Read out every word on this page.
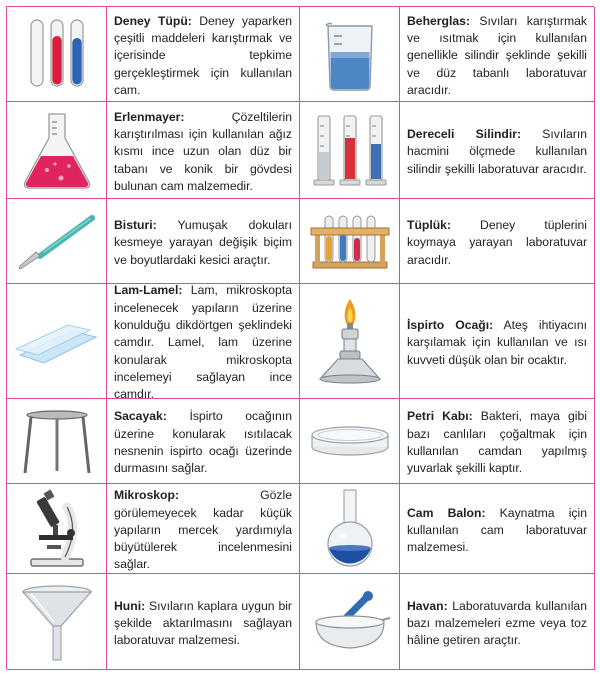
Deney Tüpü: Deney yaparken çeşitli maddeleri karıştırmak ve içerisinde tepkime gerçekleştirmek için kullanılan cam.

Beherglas: Sıvıları karıştırmak ve ısıtmak için kullanılan genellikle silindir şeklinde şekilli ve düz tabanlı laboratuvar aracıdır.

Erlenmayer: Çözeltilerin karıştırılması için kullanılan ağız kısmı ince uzun olan düz bir tabanı ve konik bir gövdesi bulunan cam malzemedir.

Dereceli Silindir: Sıvıların hacmini ölçmede kullanılan silindir şekilli laboratuvar aracıdır.

Bisturi: Yumuşak dokuları kesmeye yarayan değişik biçim ve boyutlardaki kesici araçtır.

Tüplük: Deney tüplerini koymaya yarayan laboratuvar aracıdır.

Lam-Lamel: Lam, mikroskopta incelenecek yapıların üzerine konulduğu dikdörtgen şeklindeki camdır. Lamel, lam üzerine konularak mikroskopta incelemeyi sağlayan ince camdır.

İspirto Ocağı: Ateş ihtiyacını karşılamak için kullanılan ve ısı kuvveti düşük olan bir ocaktır.

Sacayak: İspirto ocağının üzerine konularak ısıtılacak nesnenin ispirto ocağı üzerinde durmasını sağlar.

Petri Kabı: Bakteri, maya gibi bazı canlıları çoğaltmak için kullanılan camdan yapılmış yuvarlak şekilli kaptır.

Mikroskop: Gözle görülemeyecek kadar küçük yapıların mercek yardımıyla büyütülerek incelenmesini sağlar.

Cam Balon: Kaynatma için kullanılan cam laboratuvar malzemesi.

Huni: Sıvıların kaplara uygun bir şekilde aktarılmasını sağlayan laboratuvar malzemesi.

Havan: Laboratuvarda kullanılan bazı malzemeleri ezme veya toz hâline getiren araçtır.
